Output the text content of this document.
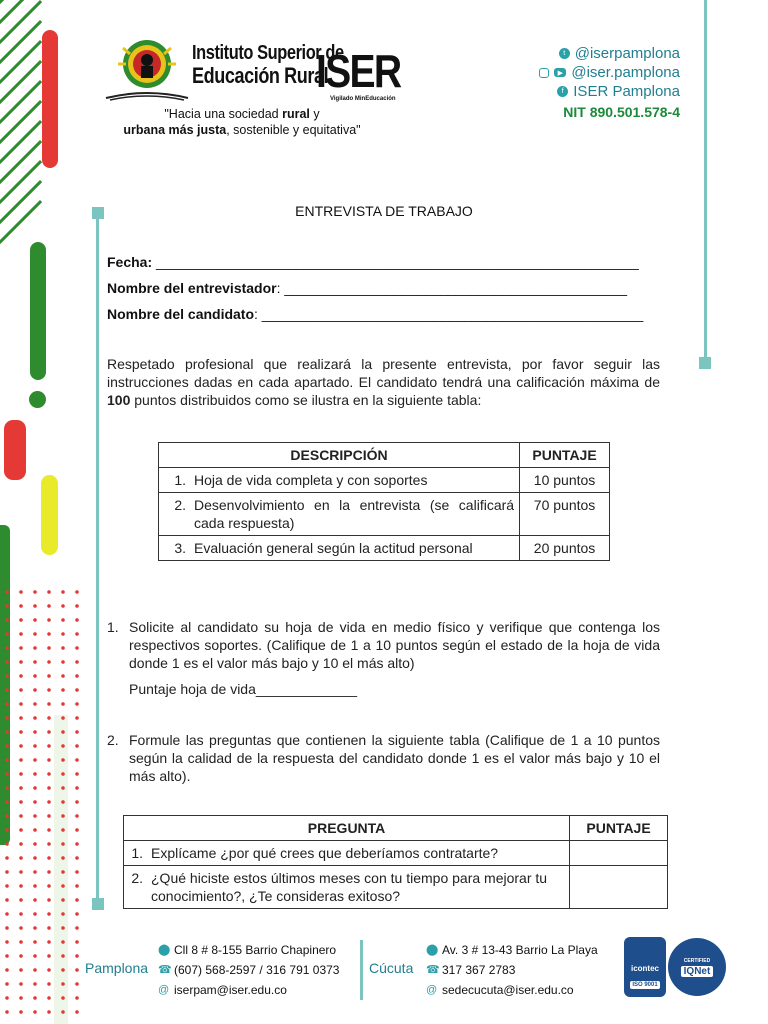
Instituto Superior de
Educación Rural
ISER
Vigilado MinEducación
"Hacia una sociedad rural y
urbana más justa, sostenible y equitativa"
t @iserpamplona
▶ @iser.pamplona
f ISER Pamplona
NIT 890.501.578-4
ENTREVISTA DE TRABAJO
Fecha: ______________________________________________________________
Nombre del entrevistador: ____________________________________________
Nombre del candidato: _________________________________________________
Respetado profesional que realizará la presente entrevista, por favor seguir las instrucciones dadas en cada apartado. El candidato tendrá una calificación máxima de 100 puntos distribuidos como se ilustra en la siguiente tabla:
DESCRIPCIÓN	PUNTAJE

1. Hoja de vida completa y con soportes	10 puntos

2. Desenvolvimiento en la entrevista (se calificará cada respuesta)	70 puntos

3. Evaluación general según la actitud personal	20 puntos
1. Solicite al candidato su hoja de vida en medio físico y verifique que contenga los respectivos soportes. (Califique de 1 a 10 puntos según el estado de la hoja de vida donde 1 es el valor más bajo y 10 el más alto)
Puntaje hoja de vida_____________
2. Formule las preguntas que contienen la siguiente tabla (Califique de 1 a 10 puntos según la calidad de la respuesta del candidato donde 1 es el valor más bajo y 10 el más alto).
PREGUNTA	PUNTAJE

1. Explícame ¿por qué crees que deberíamos contratarte?	

2. ¿Qué hiciste estos últimos meses con tu tiempo para mejorar tu conocimiento?, ¿Te consideras exitoso?	

Pamplona
⬤ Cll 8 # 8-155 Barrio Chapinero
☎ (607) 568-2597 / 316 791 0373
@ iserpam@iser.edu.co
Cúcuta
⬤ Av. 3 # 13-43 Barrio La Playa
☎ 317 367 2783
@ sedecucuta@iser.edu.co
icontec
ISO 9001
CERTIFIED
IQNet
